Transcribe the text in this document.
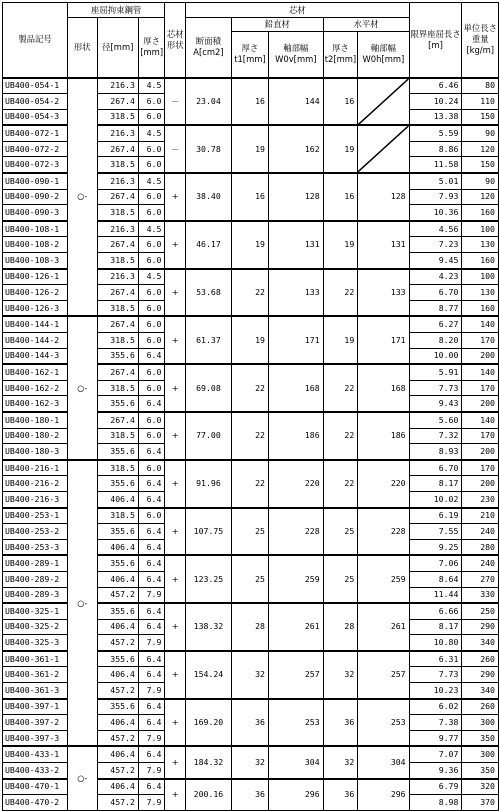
製品記号	座屈拘束鋼管			芯材形状	芯材					限界座屈長さ[m]	単位長さ重量[kg/m]
	形状	径[mm]	厚さ[mm]		断面積A[cm2]	鉛直材		水平材			
						厚さt1[mm]	軸部幅W0v[mm]	厚さt2[mm]	軸部幅W0h[mm]		
UB400-054-1	○-	216.3	4.5	－	23.04	16	144	16		6.46	80
UB400-054-2		267.4	6.0							10.24	110
UB400-054-3		318.5	6.0							13.38	150
UB400-072-1		216.3	4.5	－	30.78	19	162	19		5.59	90
UB400-072-2		267.4	6.0							8.86	120
UB400-072-3		318.5	6.0							11.58	150
UB400-090-1		216.3	4.5	+	38.40	16	128	16	128	5.01	90
UB400-090-2		267.4	6.0							7.93	120
UB400-090-3		318.5	6.0							10.36	160
UB400-108-1		216.3	4.5	+	46.17	19	131	19	131	4.56	100
UB400-108-2		267.4	6.0							7.23	130
UB400-108-3		318.5	6.0							9.45	160
UB400-126-1		216.3	4.5	+	53.68	22	133	22	133	4.23	100
UB400-126-2		267.4	6.0							6.70	130
UB400-126-3		318.5	6.0							8.77	160
UB400-144-1	○-	267.4	6.0	+	61.37	19	171	19	171	6.27	140
UB400-144-2		318.5	6.0							8.20	170
UB400-144-3		355.6	6.4							10.00	200
UB400-162-1		267.4	6.0	+	69.08	22	168	22	168	5.91	140
UB400-162-2		318.5	6.0							7.73	170
UB400-162-3		355.6	6.4							9.43	200
UB400-180-1		267.4	6.0	+	77.00	22	186	22	186	5.60	140
UB400-180-2		318.5	6.0							7.32	170
UB400-180-3		355.6	6.4							8.93	200
UB400-216-1	○-	318.5	6.0	+	91.96	22	220	22	220	6.70	170
UB400-216-2		355.6	6.4							8.17	200
UB400-216-3		406.4	6.4							10.02	230
UB400-253-1		318.5	6.0	+	107.75	25	228	25	228	6.19	210
UB400-253-2		355.6	6.4							7.55	240
UB400-253-3		406.4	6.4							9.25	280
UB400-289-1		355.6	6.4	+	123.25	25	259	25	259	7.06	240
UB400-289-2		406.4	6.4							8.64	270
UB400-289-3		457.2	7.9							11.44	330
UB400-325-1		355.6	6.4	+	138.32	28	261	28	261	6.66	250
UB400-325-2		406.4	6.4							8.17	290
UB400-325-3		457.2	7.9							10.80	340
UB400-361-1		355.6	6.4	+	154.24	32	257	32	257	6.31	260
UB400-361-2		406.4	6.4							7.73	290
UB400-361-3		457.2	7.9							10.23	340
UB400-397-1		355.6	6.4	+	169.20	36	253	36	253	6.02	260
UB400-397-2		406.4	6.4							7.38	300
UB400-397-3		457.2	7.9							9.77	350
UB400-433-1	○-	406.4	6.4	+	184.32	32	304	32	304	7.07	300
UB400-433-2		457.2	7.9							9.36	350
UB400-470-1		406.4	6.4	+	200.16	36	296	36	296	6.79	320
UB400-470-2		457.2	7.9							8.98	370
